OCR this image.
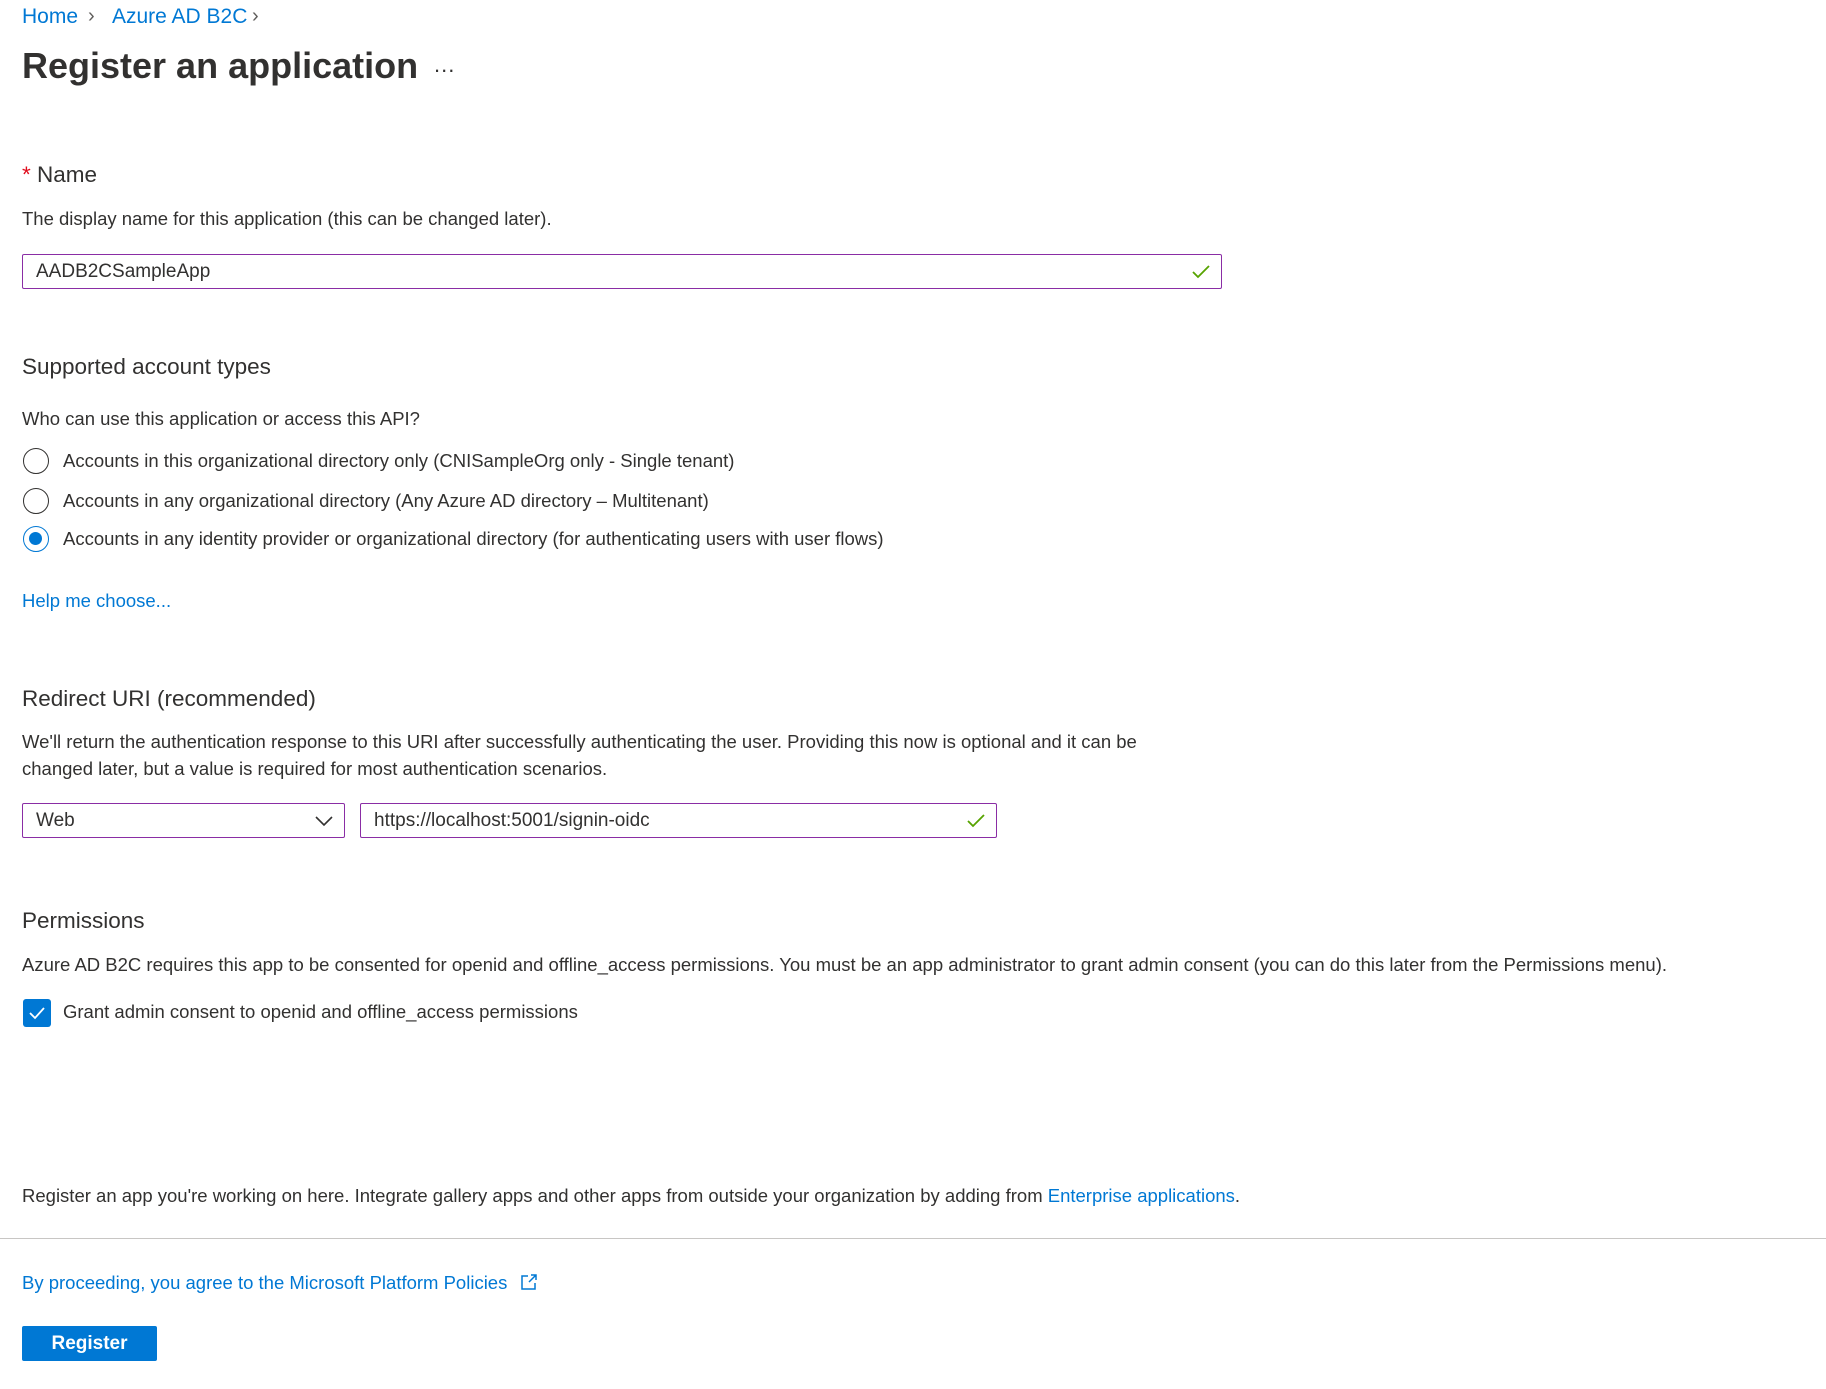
Home › Azure AD B2C ›
Register an application ...
* Name
The display name for this application (this can be changed later).
AADB2CSampleApp
Supported account types
Who can use this application or access this API?
Accounts in this organizational directory only (CNISampleOrg only - Single tenant)
Accounts in any organizational directory (Any Azure AD directory – Multitenant)
Accounts in any identity provider or organizational directory (for authenticating users with user flows)
Help me choose...
Redirect URI (recommended)
We'll return the authentication response to this URI after successfully authenticating the user. Providing this now is optional and it can be
changed later, but a value is required for most authentication scenarios.
Web	https://localhost:5001/signin-oidc
Permissions
Azure AD B2C requires this app to be consented for openid and offline_access permissions. You must be an app administrator to grant admin consent (you can do this later from the Permissions menu).
Grant admin consent to openid and offline_access permissions
Register an app you're working on here. Integrate gallery apps and other apps from outside your organization by adding from Enterprise applications.
By proceeding, you agree to the Microsoft Platform Policies
Register
